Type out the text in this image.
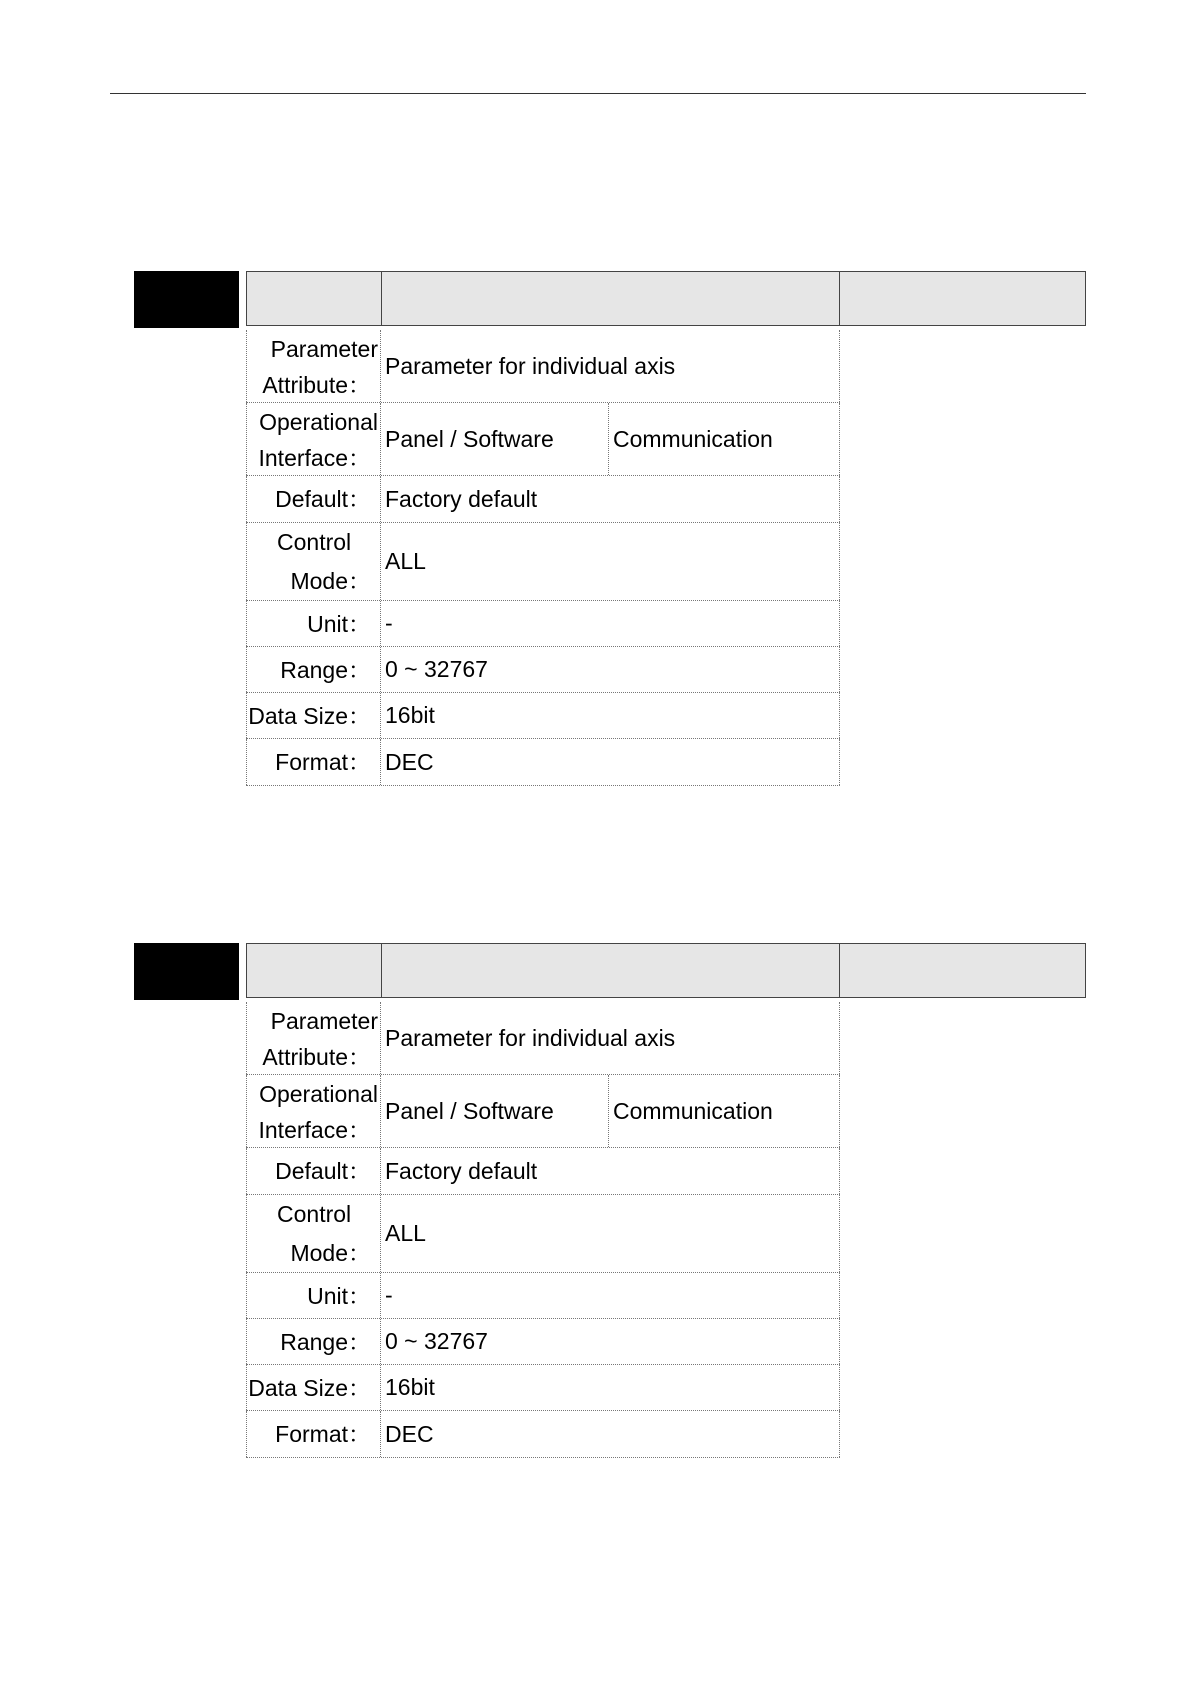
Parameter
Attribute：
Parameter for individual axis
Operational
Interface：
Panel / Software	Communication
Default： Factory default
Control
Mode：
ALL
Unit： -
Range： 0 ~ 32767
Data Size： 16bit
Format： DEC
Parameter
Attribute：
Parameter for individual axis
Operational
Interface：
Panel / Software	Communication
Default： Factory default
Control
Mode：
ALL
Unit： -
Range： 0 ~ 32767
Data Size： 16bit
Format： DEC
